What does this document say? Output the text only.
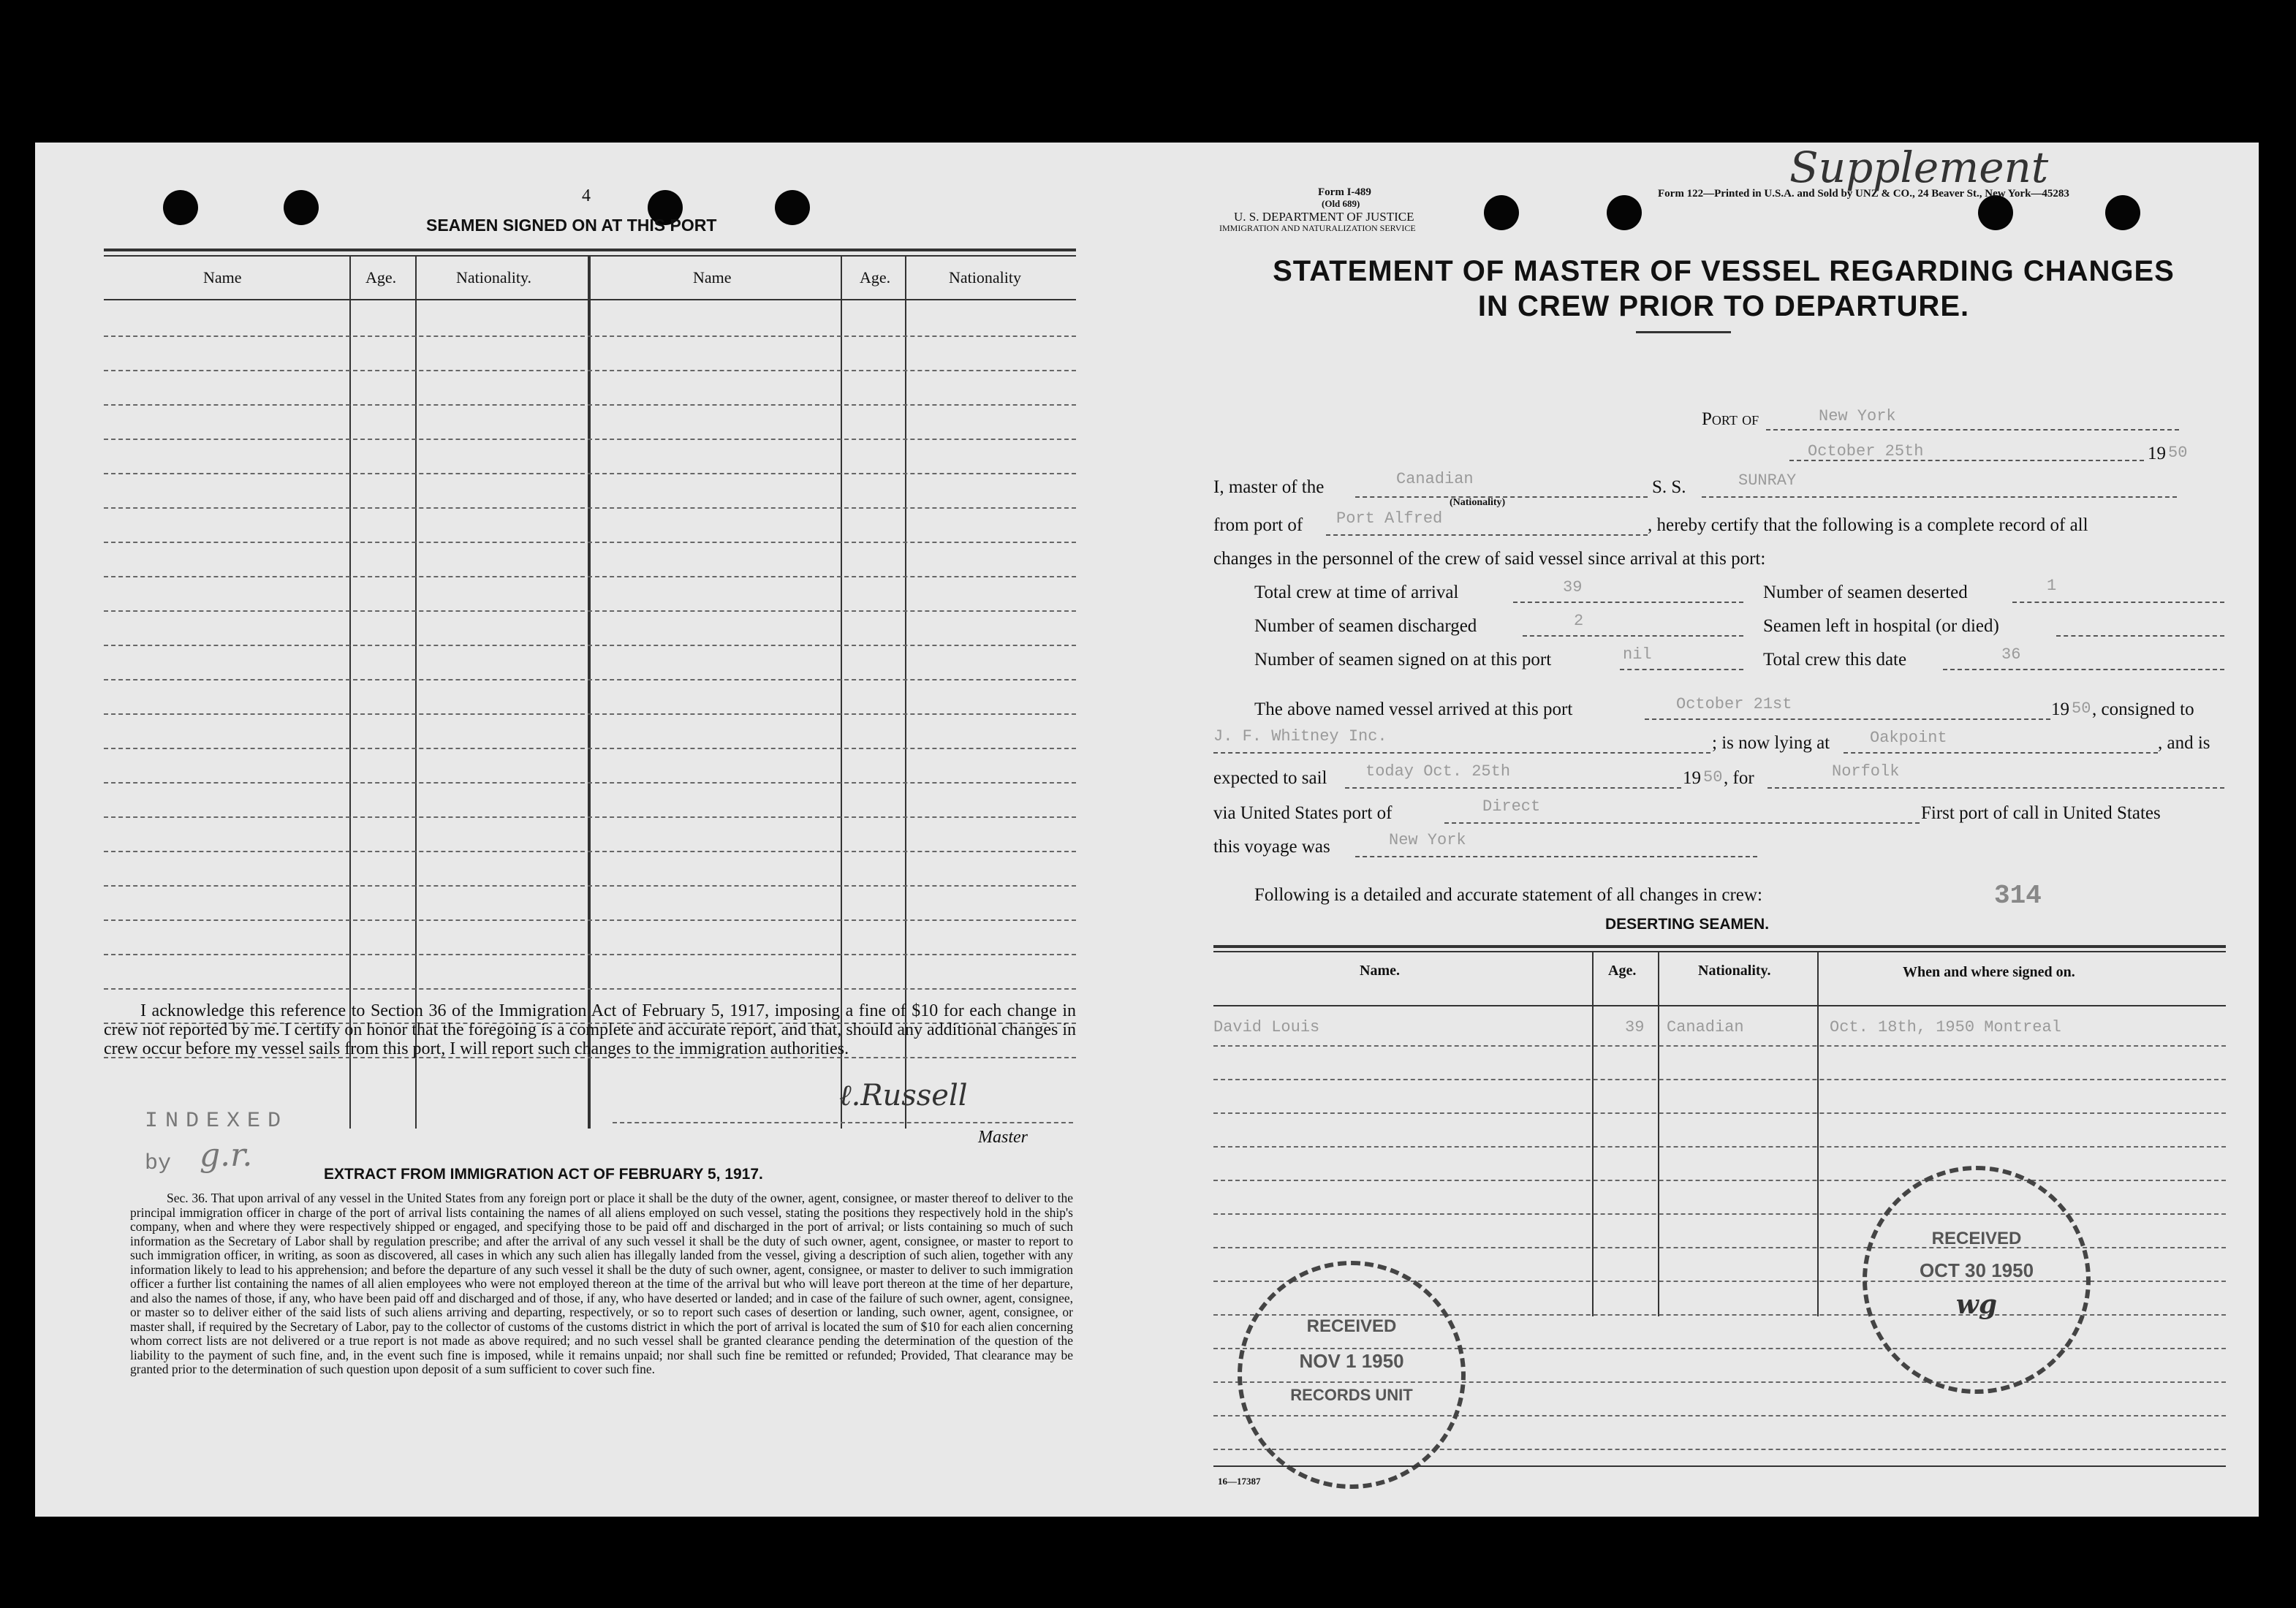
4
SEAMEN SIGNED ON AT THIS PORT
Name	Age.	Nationality.	Name	Age.	Nationality
I acknowledge this reference to Section 36 of the Immigration Act of February 5, 1917, imposing a fine of $10 for each change in crew not reported by me. I certify on honor that the foregoing is a complete and accurate report, and that, should any additional changes in crew occur before my vessel sails from this port, I will report such changes to the immigration authorities.
ℓ.Russell
Master
INDEXED
by g.r.
EXTRACT FROM IMMIGRATION ACT OF FEBRUARY 5, 1917.
Sec. 36. That upon arrival of any vessel in the United States from any foreign port or place it shall be the duty of the owner, agent, consignee, or master thereof to deliver to the principal immigration officer in charge of the port of arrival lists containing the names of all aliens employed on such vessel, stating the positions they respectively hold in the ship's company, when and where they were respectively shipped or engaged, and specifying those to be paid off and discharged in the port of arrival; or lists containing so much of such information as the Secretary of Labor shall by regulation prescribe; and after the arrival of any such vessel it shall be the duty of such owner, agent, consignee, or master to report to such immigration officer, in writing, as soon as discovered, all cases in which any such alien has illegally landed from the vessel, giving a description of such alien, together with any information likely to lead to his apprehension; and before the departure of any such vessel it shall be the duty of such owner, agent, consignee, or master to deliver to such immigration officer a further list containing the names of all alien employees who were not employed thereon at the time of the arrival but who will leave port thereon at the time of her departure, and also the names of those, if any, who have been paid off and discharged and of those, if any, who have deserted or landed; and in case of the failure of such owner, agent, consignee, or master so to deliver either of the said lists of such aliens arriving and departing, respectively, or so to report such cases of desertion or landing, such owner, agent, consignee, or master shall, if required by the Secretary of Labor, pay to the collector of customs of the customs district in which the port of arrival is located the sum of $10 for each alien concerning whom correct lists are not delivered or a true report is not made as above required; and no such vessel shall be granted clearance pending the determination of the question of the liability to the payment of such fine, and, in the event such fine is imposed, while it remains unpaid; nor shall such fine be remitted or refunded; Provided, That clearance may be granted prior to the determination of such question upon deposit of a sum sufficient to cover such fine.
Form I-489
(Old 689)
U. S. DEPARTMENT OF JUSTICE
IMMIGRATION AND NATURALIZATION SERVICE
Form 122—Printed in U.S.A. and Sold by UNZ & CO., 24 Beaver St., New York—45283
Supplement
STATEMENT OF MASTER OF VESSEL REGARDING CHANGES
IN CREW PRIOR TO DEPARTURE.
Port of	New York
October 25th	19 50
I, master of the	Canadian
(Nationality)
S. S.	SUNRAY
from port of Port Alfred	, hereby certify that the following is a complete record of all
changes in the personnel of the crew of said vessel since arrival at this port:
Total crew at time of arrival	39
Number of seamen discharged	2
Number of seamen signed on at this port	nil
Number of seamen deserted	1
Seamen left in hospital (or died)
Total crew this date	36
The above named vessel arrived at this port	October 21st	19 50 , consigned to
J. F. Whitney Inc.	; is now lying at Oakpoint	, and is
expected to sail today Oct. 25th	19 50 , for	Norfolk
via United States port of	Direct	First port of call in United States
this voyage was	New York
Following is a detailed and accurate statement of all changes in crew:	314
DESERTING SEAMEN.
Name.	Age.	Nationality.	When and where signed on.
David Louis	39 Canadian	Oct. 18th, 1950 Montreal
RECEIVED
NOV 1 1950
RECORDS UNIT
RECEIVED
OCT 30 1950
wg
16—17387
